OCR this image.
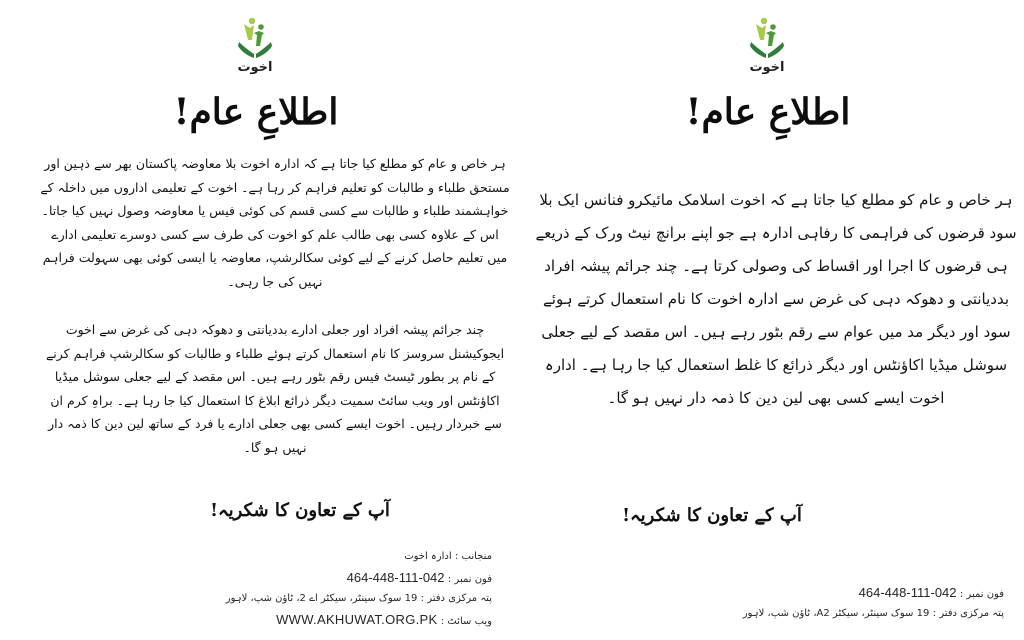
اخوت
اطلاعِ عام!
ہر خاص و عام کو مطلع کیا جاتا ہے کہ ادارہ اخوت بلا معاوضہ پاکستان بھر سے ذہین اور مستحق طلباء و طالبات کو تعلیم فراہم کر رہا ہے۔ اخوت کے تعلیمی اداروں میں داخلہ کے خواہشمند طلباء و طالبات سے کسی قسم کی کوئی فیس یا معاوضہ وصول نہیں کیا جاتا۔ اس کے علاوہ کسی بھی طالب علم کو اخوت کی طرف سے کسی دوسرے تعلیمی ادارے میں تعلیم حاصل کرنے کے لیے کوئی سکالرشپ، معاوضہ یا ایسی کوئی بھی سہولت فراہم نہیں کی جا رہی۔
چند جرائم پیشہ افراد اور جعلی ادارے بددیانتی و دھوکہ دہی کی غرض سے اخوت ایجوکیشنل سروسز کا نام استعمال کرتے ہوئے طلباء و طالبات کو سکالرشپ فراہم کرنے کے نام پر بطور ٹیسٹ فیس رقم بٹور رہے ہیں۔ اس مقصد کے لیے جعلی سوشل میڈیا اکاؤنٹس اور ویب سائٹ سمیت دیگر ذرائع ابلاغ کا استعمال کیا جا رہا ہے۔ براہِ کرم ان سے خبردار رہیں۔ اخوت ایسے کسی بھی جعلی ادارے یا فرد کے ساتھ لین دین کا ذمہ دار نہیں ہو گا۔
آپ کے تعاون کا شکریہ!
منجانب : ادارہ اخوت
فون نمبر : 042-111-448-464
پتہ مرکزی دفتر : 19 سوک سینٹر، سیکٹر اے 2، ٹاؤن شپ، لاہور
ویب سائٹ : WWW.AKHUWAT.ORG.PK
اخوت
اطلاعِ عام!
ہر خاص و عام کو مطلع کیا جاتا ہے کہ اخوت اسلامک مائیکرو فنانس ایک بلا سود قرضوں کی فراہمی کا رفاہی ادارہ ہے جو اپنے برانچ نیٹ ورک کے ذریعے ہی قرضوں کا اجرا اور اقساط کی وصولی کرتا ہے۔ چند جرائم پیشہ افراد بددیانتی و دھوکہ دہی کی غرض سے ادارہ اخوت کا نام استعمال کرتے ہوئے سود اور دیگر مد میں عوام سے رقم بٹور رہے ہیں۔ اس مقصد کے لیے جعلی سوشل میڈیا اکاؤنٹس اور دیگر ذرائع کا غلط استعمال کیا جا رہا ہے۔ ادارہ اخوت ایسے کسی بھی لین دین کا ذمہ دار نہیں ہو گا۔
آپ کے تعاون کا شکریہ!
فون نمبر : 042-111-448-464
پتہ مرکزی دفتر : 19 سوک سینٹر، سیکٹر A2، ٹاؤن شپ، لاہور
